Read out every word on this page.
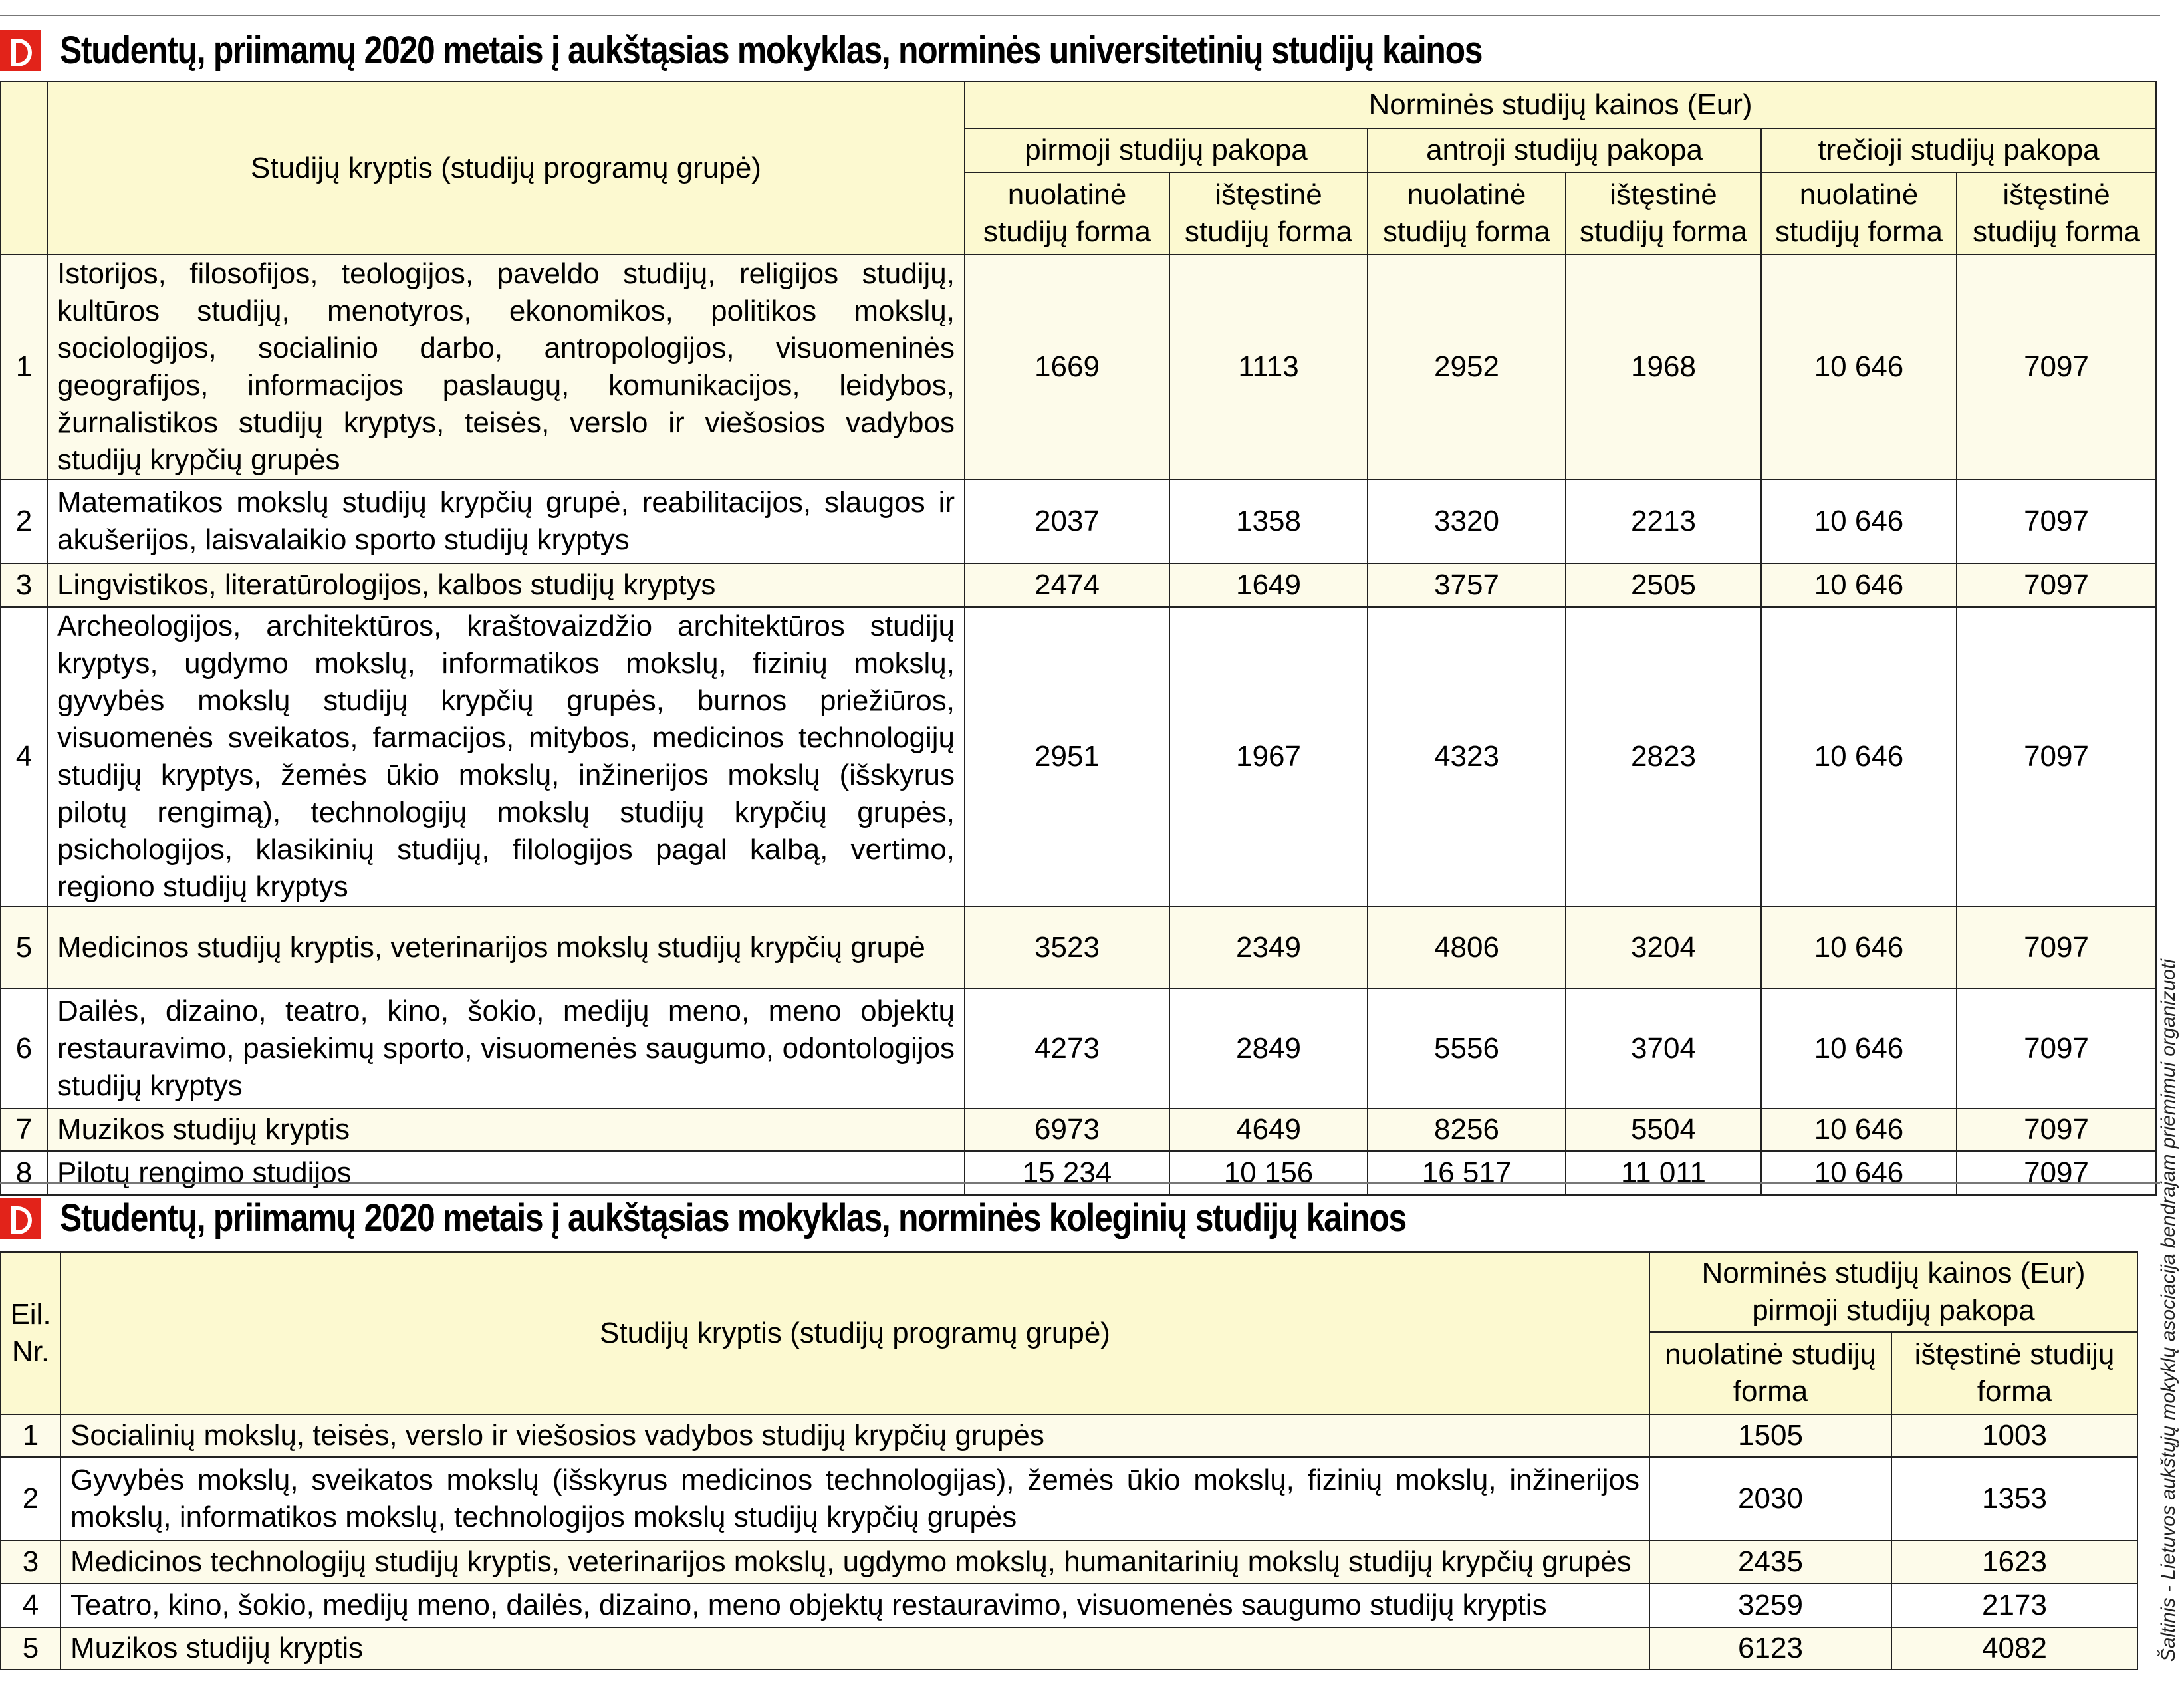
Studentų, priimamų 2020 metais į aukštąsias mokyklas, norminės universitetinių studijų kainos
	Studijų kryptis (studijų programų grupė)	Norminės studijų kainos (Eur)					
		pirmoji studijų pakopa		antroji studijų pakopa		trečioji studijų pakopa	
		nuolatinė studijų forma	ištęstinė studijų forma	nuolatinė studijų forma	ištęstinė studijų forma	nuolatinė studijų forma	ištęstinė studijų forma
1	Istorijos, filosofijos, teologijos, paveldo studijų, religijos studijų, kultūros studijų, menotyros, ekonomikos, politikos mokslų, sociologijos, socialinio darbo, antropologijos, visuomeninės geografijos, informacijos paslaugų, komunikacijos, leidybos, žurnalistikos studijų kryptys, teisės, verslo ir viešosios vadybos studijų krypčių grupės	1669	1113	2952	1968	10 646	7097
2	Matematikos mokslų studijų krypčių grupė, reabilitacijos, slaugos ir akušerijos, laisvalaikio sporto studijų kryptys	2037	1358	3320	2213	10 646	7097
3	Lingvistikos, literatūrologijos, kalbos studijų kryptys	2474	1649	3757	2505	10 646	7097
4	Archeologijos, architektūros, kraštovaizdžio architektūros studijų kryptys, ugdymo mokslų, informatikos mokslų, fizinių mokslų, gyvybės mokslų studijų krypčių grupės, burnos priežiūros, visuomenės sveikatos, farmacijos, mitybos, medicinos technologijų studijų kryptys, žemės ūkio mokslų, inžinerijos mokslų (išskyrus pilotų rengimą), technologijų mokslų studijų krypčių grupės, psichologijos, klasikinių studijų, filologijos pagal kalbą, vertimo, regiono studijų kryptys	2951	1967	4323	2823	10 646	7097
5	Medicinos studijų kryptis, veterinarijos mokslų studijų krypčių grupė	3523	2349	4806	3204	10 646	7097
6	Dailės, dizaino, teatro, kino, šokio, medijų meno, meno objektų restauravimo, pasiekimų sporto, visuomenės saugumo, odontologijos studijų kryptys	4273	2849	5556	3704	10 646	7097
7	Muzikos studijų kryptis	6973	4649	8256	5504	10 646	7097
8	Pilotų rengimo studijos	15 234	10 156	16 517	11 011	10 646	7097
Studentų, priimamų 2020 metais į aukštąsias mokyklas, norminės koleginių studijų kainos
Eil. Nr.	Studijų kryptis (studijų programų grupė)	Norminės studijų kainos (Eur)
pirmoji studijų pakopa	
		nuolatinė studijų forma	ištęstinė studijų forma
1	Socialinių mokslų, teisės, verslo ir viešosios vadybos studijų krypčių grupės	1505	1003
2	Gyvybės mokslų, sveikatos mokslų (išskyrus medicinos technologijas), žemės ūkio mokslų, fizinių mokslų, inžinerijos mokslų, informatikos mokslų, technologijos mokslų studijų krypčių grupės	2030	1353
3	Medicinos technologijų studijų kryptis, veterinarijos mokslų, ugdymo mokslų, humanitarinių mokslų studijų krypčių grupės	2435	1623
4	Teatro, kino, šokio, medijų meno, dailės, dizaino, meno objektų restauravimo, visuomenės saugumo studijų kryptis	3259	2173
5	Muzikos studijų kryptis	6123	4082	Šaltinis - Lietuvos aukštųjų mokyklų asociacija bendrajam priėmimui organizuoti
